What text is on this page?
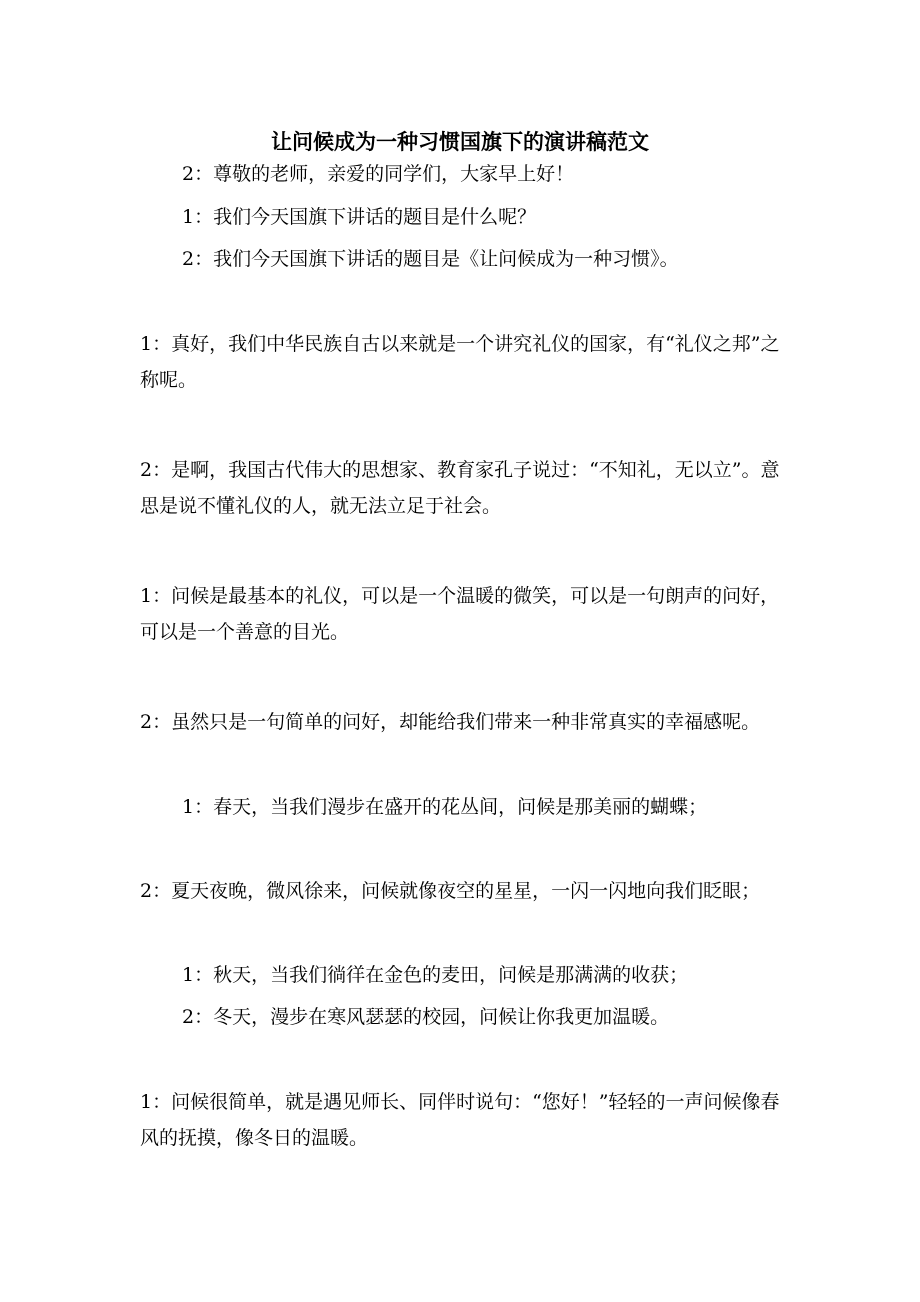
让问候成为一种习惯国旗下的演讲稿范文

2：尊敬的老师，亲爱的同学们，大家早上好！

1：我们今天国旗下讲话的题目是什么呢？

2：我们今天国旗下讲话的题目是《让问候成为一种习惯》。

1：真好，我们中华民族自古以来就是一个讲究礼仪的国家，有“礼仪之邦”之称呢。

2：是啊，我国古代伟大的思想家、教育家孔子说过：“不知礼，无以立”。意思是说不懂礼仪的人，就无法立足于社会。

1：问候是最基本的礼仪，可以是一个温暖的微笑，可以是一句朗声的问好，可以是一个善意的目光。

2：虽然只是一句简单的问好，却能给我们带来一种非常真实的幸福感呢。

1：春天，当我们漫步在盛开的花丛间，问候是那美丽的蝴蝶；

2：夏天夜晚，微风徐来，问候就像夜空的星星，一闪一闪地向我们眨眼；

1：秋天，当我们徜徉在金色的麦田，问候是那满满的收获；

2：冬天，漫步在寒风瑟瑟的校园，问候让你我更加温暖。

1：问候很简单，就是遇见师长、同伴时说句：“您好！”轻轻的一声问候像春风的抚摸，像冬日的温暖。
